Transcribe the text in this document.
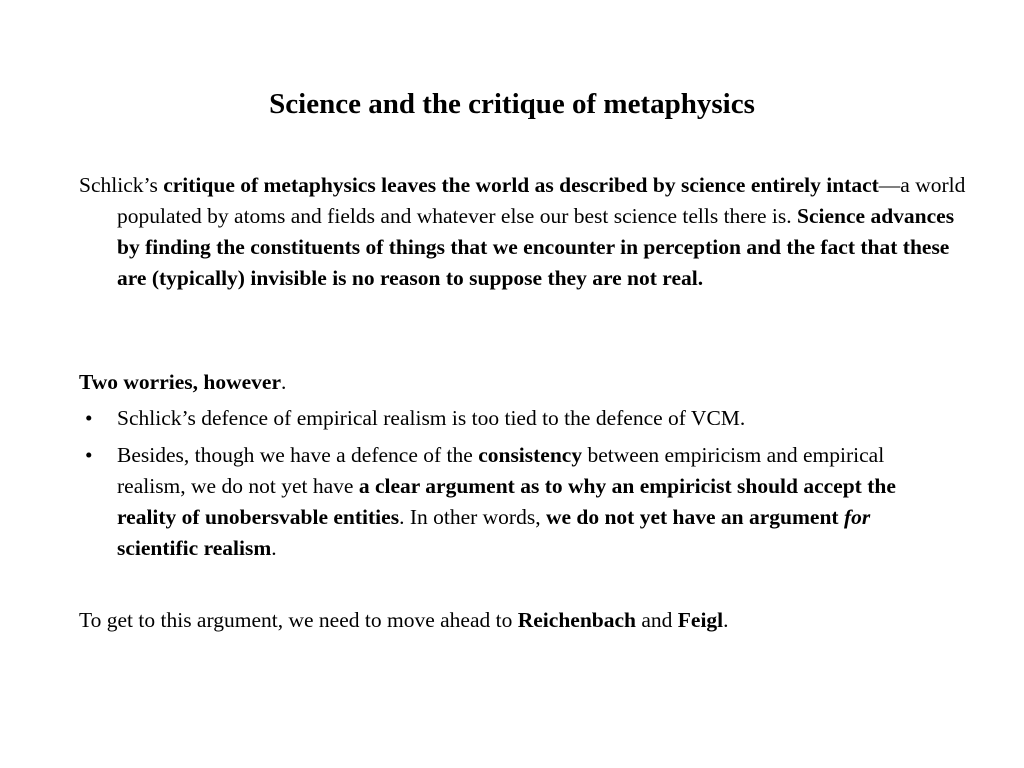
Science and the critique of metaphysics
Schlick’s critique of metaphysics leaves the world as described by science entirely intact—a world populated by atoms and fields and whatever else our best science tells there is. Science advances by finding the constituents of things that we encounter in perception and the fact that these are (typically) invisible is no reason to suppose they are not real.
Two worries, however.
• Schlick’s defence of empirical realism is too tied to the defence of VCM.
• Besides, though we have a defence of the consistency between empiricism and empirical realism, we do not yet have a clear argument as to why an empiricist should accept the reality of unobersvable entities. In other words, we do not yet have an argument for scientific realism.
To get to this argument, we need to move ahead to Reichenbach and Feigl.
